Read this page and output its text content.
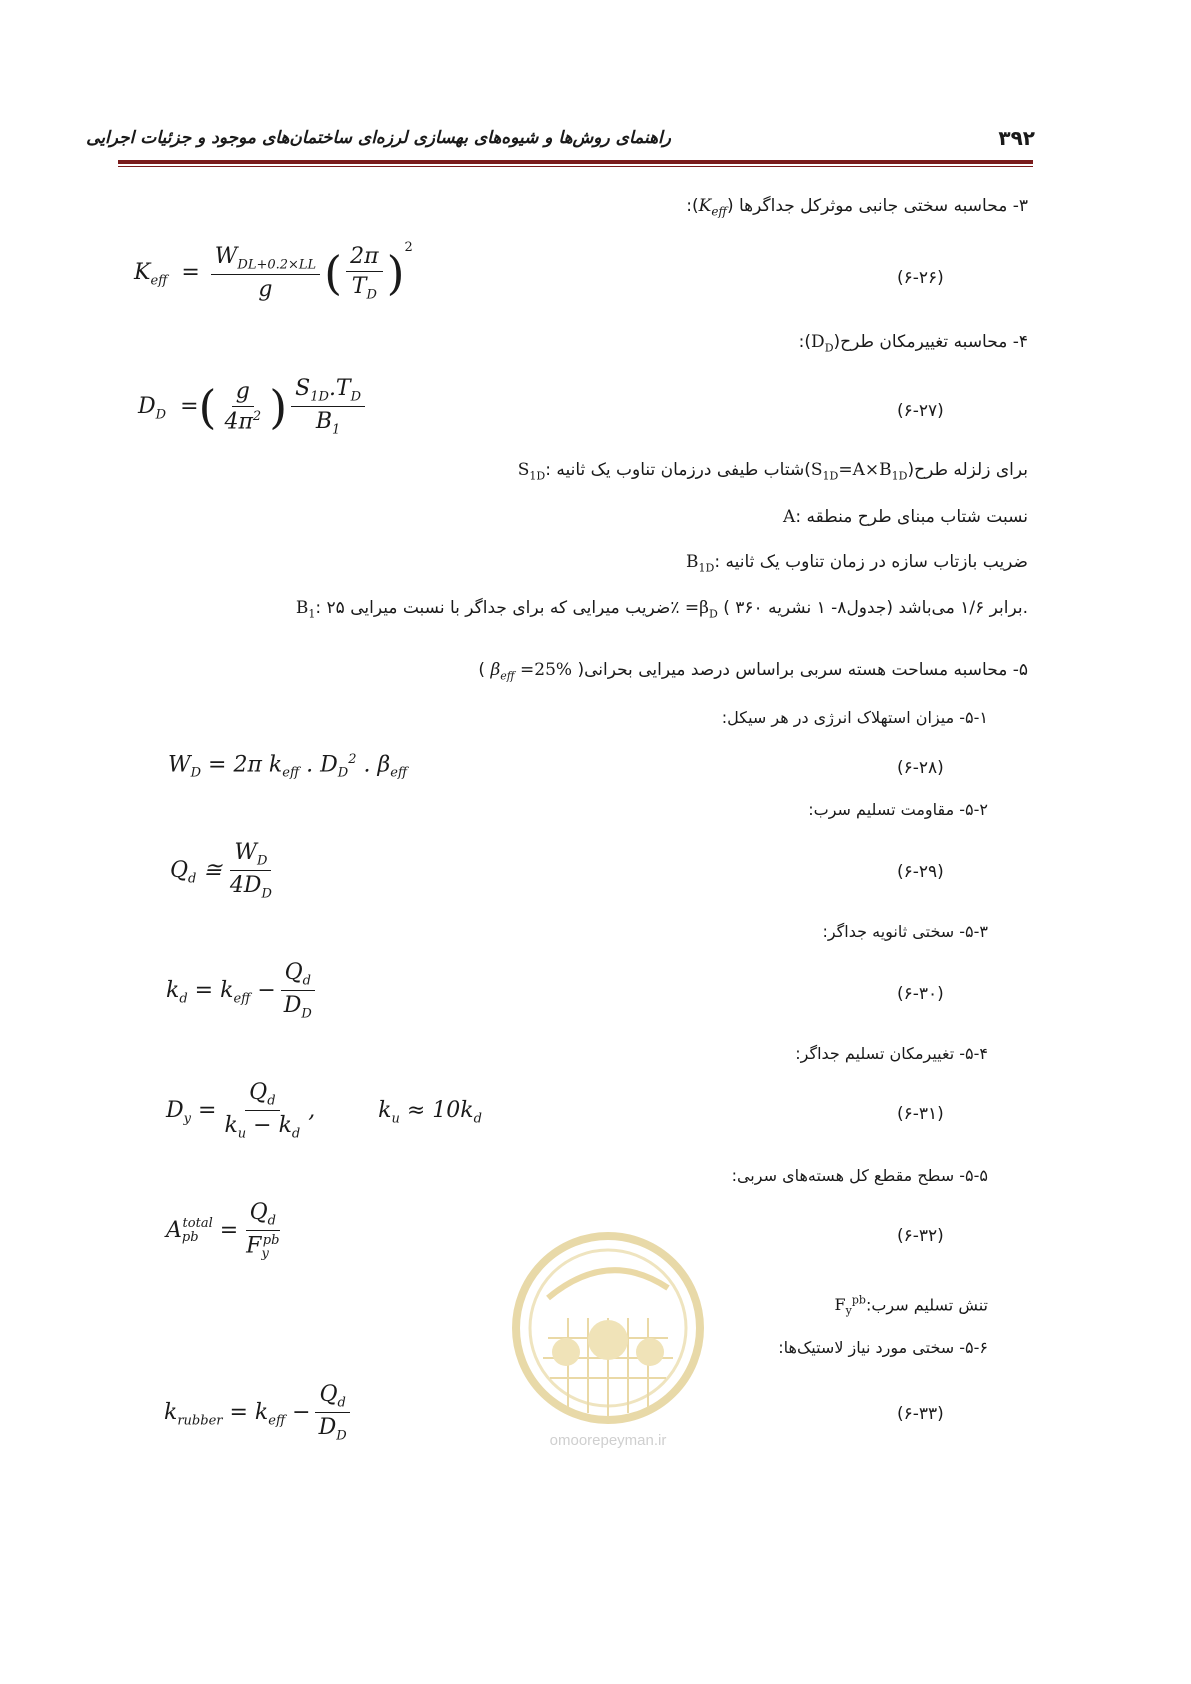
راهنمای روش‌ها و شیوه‌های بهسازی لرزه‌ای ساختمان‌های موجود و جزئیات اجرایی	۳۹۲
۳- محاسبه سختی جانبی موثرکل جداگرها $(K_{eff})$:
$K_{eff} = \frac{W_{DL+0.2\times LL}}{g}$ ( $\frac{2\pi}{T_D} )^2$
(۶-۲۶)
۴- محاسبه تغییرمکان $طرح(D_D)$:
$D_D$  =( $\frac{g}{4\pi^2}$ ) $\frac{S_{1D}.T_D}{B_1}$	(۶-۲۷)
$S_{1D}$: شتاب طیفی درزمان تناوب یک $ثانیه(S_{1D}=A\times B_{1D})برای$ زلزله طرح
A: نسبت شتاب مبنای طرح منطقه
$B_{1D}$: ضریب بازتاب سازه در زمان تناوب یک ثانیه
$B_1$: ضریب میرایی که برای جداگر با نسبت میرایی ۲۵٪ $=\beta_D$ برابر ۱/۶ می‌باشد (جدول۸- ۱ نشریه ۳۶۰ ).
۵- محاسبه مساحت هسته سربی براساس درصد میرایی بحرانی( $\beta_{eff} =25\%$ )
۵-۱- میزان استهلاک انرژی در هر سیکل:
$W_D = 2\pi$ $k_{eff}$ . $D_D^2$ . $\beta_{eff}$	(۶-۲۸)
۵-۲- مقاومت تسلیم سرب:
$Q_d$ ≅ $\frac{W_D}{4D_D}$	(۶-۲۹)
۵-۳- سختی ثانویه جداگر:
$k_d = k_{eff} - \frac{Q_d}{D_D}$	(۶-۳۰)
۵-۴- تغییرمکان تسلیم جداگر:
$D_y = \frac{Q_d}{k_u - k_d}$ ,         $k_u \approx 10k_d$	(۶-۳۱)
۵-۵- سطح مقطع کل هسته‌های سربی:
$A_{pb}^{total} = \frac{Q_d}{F_y^{pb}}$	(۶-۳۲)
$F_y^{pb}:تنش$ تسلیم سرب
۵-۶- سختی مورد نیاز لاستیک‌ها:
$k_{rubber} = k_{eff} - \frac{Q_d}{D_D}$	(۶-۳۳)
omoorepeyman.ir
